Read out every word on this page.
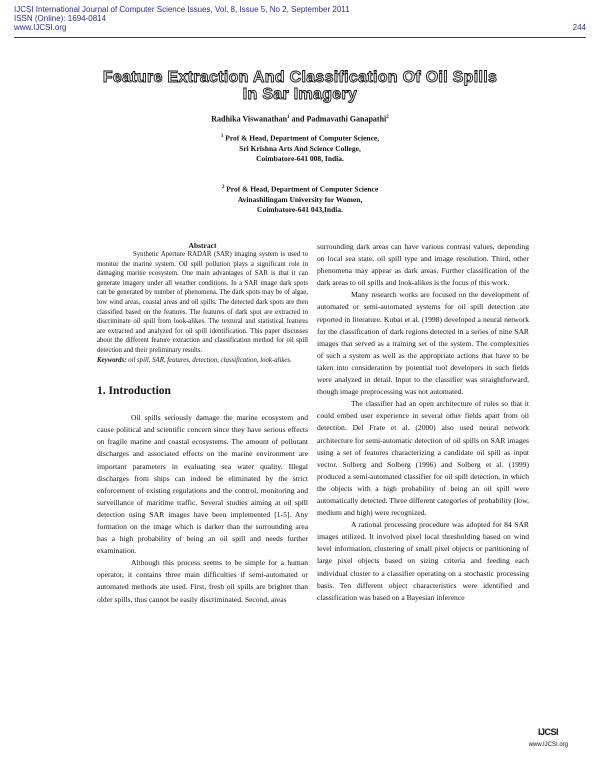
IJCSI International Journal of Computer Science Issues, Vol. 8, Issue 5, No 2, September 2011
ISSN (Online): 1694-0814
www.IJCSI.org	244
Feature Extraction And Classification Of Oil Spills
In Sar Imagery
Radhika Viswanathan$^1$ and Padmavathi Ganapathi$^2$
$^1$ Prof & Head, Department of Computer Science,
Sri Krishna Arts And Science College,
Coimbatore-641 008, India.
$^2$ Prof & Head, Department of Computer Science
Avinashilingam University for Women,
Coimbatore-641 043,India.
Abstract

Synthetic Aperture RADAR (SAR) imaging system is used to monitor the marine system. Oil spill pollution plays a significant role in damaging marine ecosystem. One main advantages of SAR is that it can generate imagery under all weather conditions. In a SAR image dark spots can be generated by number of phenomena. The dark spots may be of algae, low wind areas, coastal areas and oil spills. The detected dark spots are then classified based on the features. The features of dark spot are extracted to discriminate oil spill from look-alikes. The textural and statistical features are extracted and analyzed for oil spill identification. This paper discusses about the different feature extraction and classification method for oil spill detection and their preliminary results.

Keywords: oil spill, SAR, features, detection, classification, look-alikes.

1. Introduction

Oil spills seriously damage the marine ecosystem and cause political and scientific concern since they have serious effects on fragile marine and coastal ecosystems. The amount of pollutant discharges and associated effects on the marine environment are important parameters in evaluating sea water quality. Illegal discharges from ships can indeed be eliminated by the strict enforcement of existing regulations and the control, monitoring and surveillance of maritime traffic. Several studies aiming at oil spill detection using SAR images have been implemented [1-5]. Any formation on the image which is darker than the surrounding area has a high probability of being an oil spill and needs further examination.

Although this process seems to be simple for a human operator, it contains three main difficulties if semi-automated or automated methods are used. First, fresh oil spills are brighter than older spills, thus cannot be easily discriminated. Second, areas

surrounding dark areas can have various contrast values, depending on local sea state, oil spill type and image resolution. Third, other phenomena may appear as dark areas. Further classification of the dark areas to oil spills and look-alikes is the focus of this work.

Many research works are focused on the development of automated or semi-automated systems for oil spill detection are reported in literature. Kubat et al. (1998) developed a neural network for the classification of dark regions detected in a series of nine SAR images that served as a training set of the system. The complexities of such a system as well as the appropriate actions that have to be taken into consideration by potential tool developers in such fields were analyzed in detail. Input to the classifier was straightforward, though image preprocessing was not automated.

The classifier had an open architecture of rules so that it could embed user experience in several other fields apart from oil detection. Del Frate et al. (2000) also used neural network architecture for semi-automatic detection of oil spills on SAR images using a set of features characterizing a candidate oil spill as input vector. Solberg and Solberg (1996) and Solberg et al. (1999) produced a semi-automated classifier for oil spill detection, in which the objects with a high probability of being an oil spill were automatically detected. Three different categories of probability (low, medium and high) were recognized.

A rational processing procedure was adopted for 84 SAR images utilized. It involved pixel local thresholding based on wind level information, clustering of small pixel objects or partitioning of large pixel objects based on sizing criteria and feeding each individual cluster to a classifier operating on a stochastic processing basis. Ten different object characteristics were identified and classification was based on a Bayesian inference

IJCSI
www.IJCSI.org
